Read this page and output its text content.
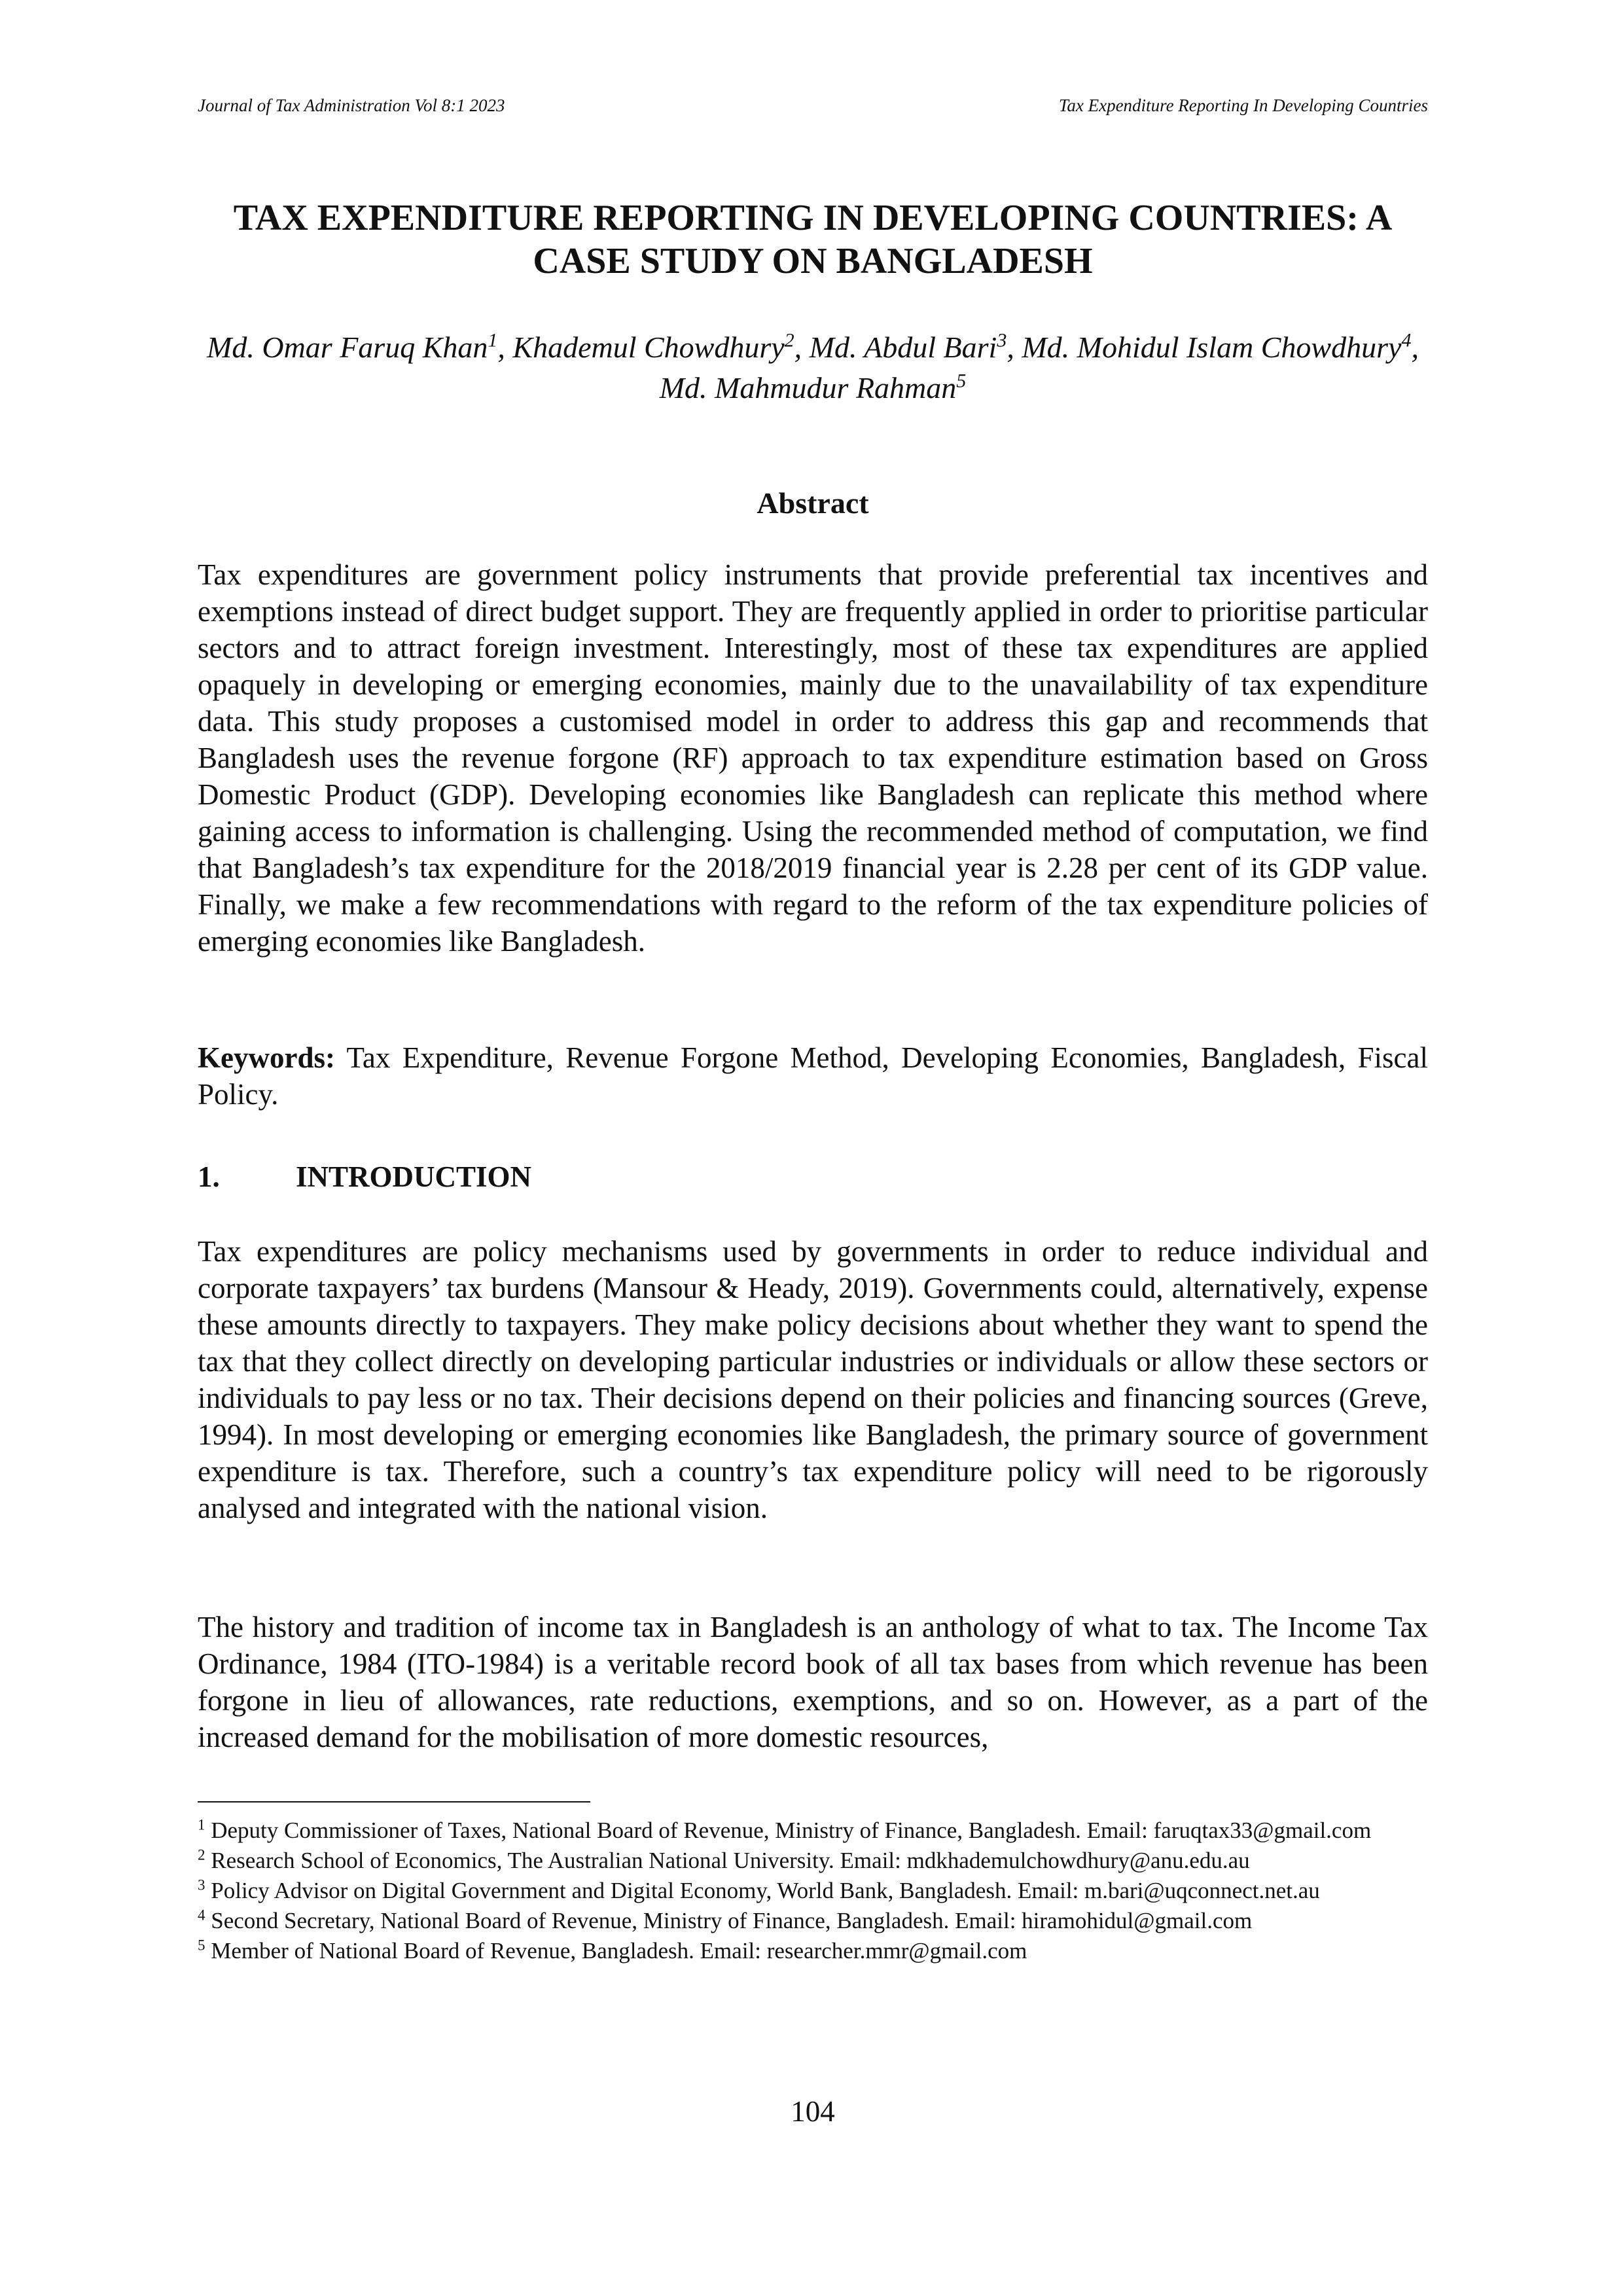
Journal of Tax Administration Vol 8:1 2023	Tax Expenditure Reporting In Developing Countries
TAX EXPENDITURE REPORTING IN DEVELOPING COUNTRIES: A CASE STUDY ON BANGLADESH
Md. Omar Faruq Khan$^1$, Khademul Chowdhury$^2$, Md. Abdul Bari$^3$, Md. Mohidul Islam Chowdhury$^4$, Md. Mahmudur Rahman$^5$
Abstract

Tax expenditures are government policy instruments that provide preferential tax incentives and exemptions instead of direct budget support. They are frequently applied in order to prioritise particular sectors and to attract foreign investment. Interestingly, most of these tax expenditures are applied opaquely in developing or emerging economies, mainly due to the unavailability of tax expenditure data. This study proposes a customised model in order to address this gap and recommends that Bangladesh uses the revenue forgone (RF) approach to tax expenditure estimation based on Gross Domestic Product (GDP). Developing economies like Bangladesh can replicate this method where gaining access to information is challenging. Using the recommended method of computation, we find that Bangladesh’s tax expenditure for the 2018/2019 financial year is 2.28 per cent of its GDP value. Finally, we make a few recommendations with regard to the reform of the tax expenditure policies of emerging economies like Bangladesh.

Keywords: Tax Expenditure, Revenue Forgone Method, Developing Economies, Bangladesh, Fiscal Policy.

1.	INTRODUCTION

Tax expenditures are policy mechanisms used by governments in order to reduce individual and corporate taxpayers’ tax burdens (Mansour & Heady, 2019). Governments could, alternatively, expense these amounts directly to taxpayers. They make policy decisions about whether they want to spend the tax that they collect directly on developing particular industries or individuals or allow these sectors or individuals to pay less or no tax. Their decisions depend on their policies and financing sources (Greve, 1994). In most developing or emerging economies like Bangladesh, the primary source of government expenditure is tax. Therefore, such a country’s tax expenditure policy will need to be rigorously analysed and integrated with the national vision.

The history and tradition of income tax in Bangladesh is an anthology of what to tax. The Income Tax Ordinance, 1984 (ITO-1984) is a veritable record book of all tax bases from which revenue has been forgone in lieu of allowances, rate reductions, exemptions, and so on. However, as a part of the increased demand for the mobilisation of more domestic resources,

$^1$ Deputy Commissioner of Taxes, National Board of Revenue, Ministry of Finance, Bangladesh. Email: faruqtax33@gmail.com

$^2$ Research School of Economics, The Australian National University. Email: mdkhademulchowdhury@anu.edu.au

$^3$ Policy Advisor on Digital Government and Digital Economy, World Bank, Bangladesh. Email: m.bari@uqconnect.net.au

$^4$ Second Secretary, National Board of Revenue, Ministry of Finance, Bangladesh. Email: hiramohidul@gmail.com

$^5$ Member of National Board of Revenue, Bangladesh. Email: researcher.mmr@gmail.com

104
